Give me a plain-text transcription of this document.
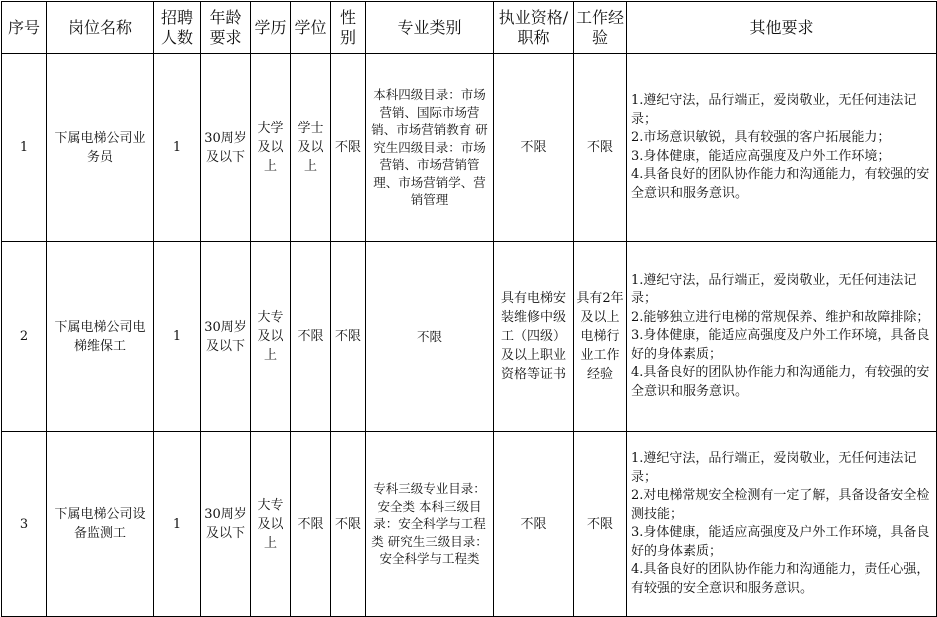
序号	岗位名称	招聘人数	年龄要求	学历	学位	性别	专业类别	执业资格/职称	工作经验	其他要求
1	下属电梯公司业务员	1	30周岁及以下	大学及以上	学士及以上	不限	本科四级目录：市场营销、国际市场营销、市场营销教育 研究生四级目录：市场营销、市场营销管理、市场营销学、营销管理	不限	不限	1.遵纪守法，品行端正，爱岗敬业，无任何违法记录；
2.市场意识敏锐，具有较强的客户拓展能力；
3.身体健康，能适应高强度及户外工作环境；
4.具备良好的团队协作能力和沟通能力，有较强的安全意识和服务意识。

2	下属电梯公司电梯维保工	1	30周岁及以下	大专及以上	不限	不限	不限	具有电梯安装维修中级工（四级）及以上职业资格等证书	具有2年及以上电梯行业工作经验	1.遵纪守法，品行端正，爱岗敬业，无任何违法记录；
2.能够独立进行电梯的常规保养、维护和故障排除；
3.身体健康，能适应高强度及户外工作环境，具备良好的身体素质；
4.具备良好的团队协作能力和沟通能力，有较强的安全意识和服务意识。

3	下属电梯公司设备监测工	1	30周岁及以下	大专及以上	不限	不限	专科三级专业目录：安全类 本科三级目录：安全科学与工程类 研究生三级目录：安全科学与工程类	不限	不限	1.遵纪守法，品行端正，爱岗敬业，无任何违法记录；
2.对电梯常规安全检测有一定了解，具备设备安全检测技能；
3.身体健康，能适应高强度及户外工作环境，具备良好的身体素质；
4.具备良好的团队协作能力和沟通能力，责任心强，有较强的安全意识和服务意识。
